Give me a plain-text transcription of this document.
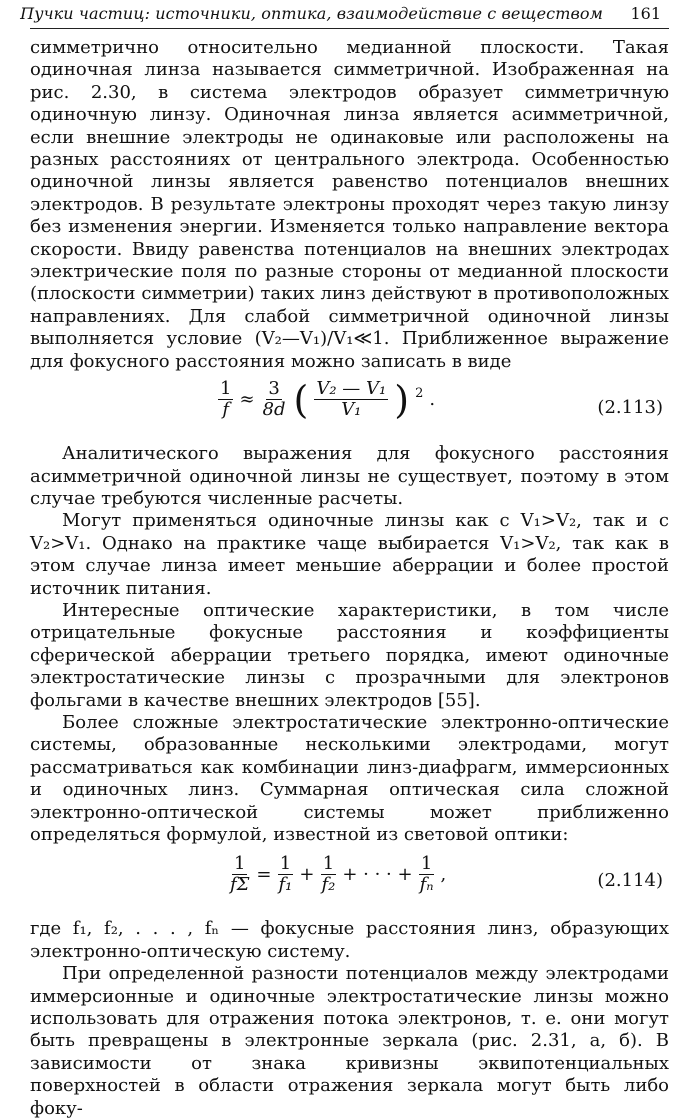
Пучки частиц: источники, оптика, взаимодействие с веществом 161

симметрично относительно медианной плоскости. Такая одиночная линза называется симметричной. Изображенная на рис. 2.30, в система электродов образует симметричную одиночную линзу. Одиночная линза является асимметричной, если внешние электроды не одинаковые или расположены на разных расстояниях от центрального электрода. Особенностью одиночной линзы является равенство потенциалов внешних электродов. В результате электроны проходят через такую линзу без изменения энергии. Изменяется только направление вектора скорости. Ввиду равенства потенциалов на внешних электродах электрические поля по разные стороны от медианной плоскости (плоскости симметрии) таких линз действуют в противоположных направлениях. Для слабой симметричной одиночной линзы выполняется условие (V₂—V₁)/V₁≪1. Приближенное выражение для фокусного расстояния можно записать в виде

$\frac{1}{f} \approx \frac{3}{8d}$ ( $\frac{\text{V₂ — V₁}}{\text{V₁}}$ ) 2 .	(2.113)

Аналитического выражения для фокусного расстояния асимметричной одиночной линзы не существует, поэтому в этом случае требуются численные расчеты.

Могут применяться одиночные линзы как с V₁>V₂, так и с V₂>V₁. Однако на практике чаще выбирается V₁>V₂, так как в этом случае линза имеет меньшие аберрации и более простой источник питания.

Интересные оптические характеристики, в том числе отрицательные фокусные расстояния и коэффициенты сферической аберрации третьего порядка, имеют одиночные электростатические линзы с прозрачными для электронов фольгами в качестве внешних электродов [55].

Более сложные электростатические электронно-оптические системы, образованные несколькими электродами, могут рассматриваться как комбинации линз-диафрагм, иммерсионных и одиночных линз. Суммарная оптическая сила сложной электронно-оптической системы может приближенно определяться формулой, известной из световой оптики:

$\frac{1}{f\Sigma} = \frac{1}{\text{f₁}} + \frac{1}{\text{f₂}}$ + · · · + $\frac{1}{\text{fₙ}}$ ,	(2.114)

где f₁, f₂, . . . , fₙ — фокусные расстояния линз, образующих электронно-оптическую систему.

При определенной разности потенциалов между электродами иммерсионные и одиночные электростатические линзы можно использовать для отражения потока электронов, т. е. они могут быть превращены в электронные зеркала (рис. 2.31, а, б). В зависимости от знака кривизны эквипотенциальных поверхностей в области отражения зеркала могут быть либо фоку-
